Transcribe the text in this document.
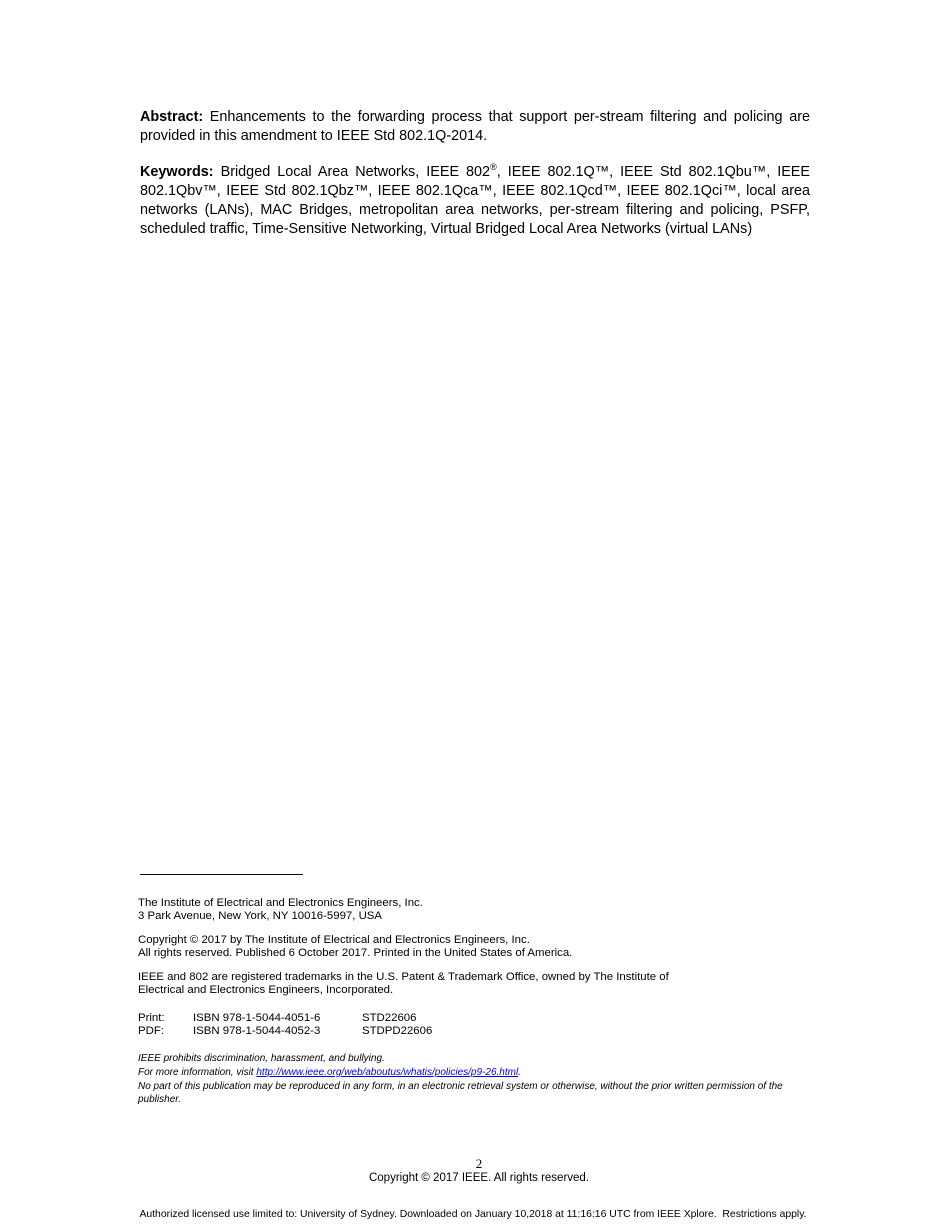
Abstract: Enhancements to the forwarding process that support per-stream filtering and policing are provided in this amendment to IEEE Std 802.1Q-2014.

Keywords: Bridged Local Area Networks, IEEE 802®, IEEE 802.1Q™, IEEE Std 802.1Qbu™, IEEE 802.1Qbv™, IEEE Std 802.1Qbz™, IEEE 802.1Qca™, IEEE 802.1Qcd™, IEEE 802.1Qci™, local area networks (LANs), MAC Bridges, metropolitan area networks, per-stream filtering and policing, PSFP, scheduled traffic, Time-Sensitive Networking, Virtual Bridged Local Area Networks (virtual LANs)

The Institute of Electrical and Electronics Engineers, Inc.
3 Park Avenue, New York, NY 10016-5997, USA
Copyright © 2017 by The Institute of Electrical and Electronics Engineers, Inc.
All rights reserved. Published 6 October 2017. Printed in the United States of America.
IEEE and 802 are registered trademarks in the U.S. Patent & Trademark Office, owned by The Institute of
Electrical and Electronics Engineers, Incorporated.
Print:	ISBN 978-1-5044-4051-6	STD22606
PDF:	ISBN 978-1-5044-4052-3	STDPD22606
IEEE prohibits discrimination, harassment, and bullying.
For more information, visit http://www.ieee.org/web/aboutus/whatis/policies/p9-26.html.
No part of this publication may be reproduced in any form, in an electronic retrieval system or otherwise, without the prior written permission of the publisher.
2
Copyright © 2017 IEEE. All rights reserved.
Authorized licensed use limited to: University of Sydney. Downloaded on January 10,2018 at 11:16:16 UTC from IEEE Xplore.  Restrictions apply.
